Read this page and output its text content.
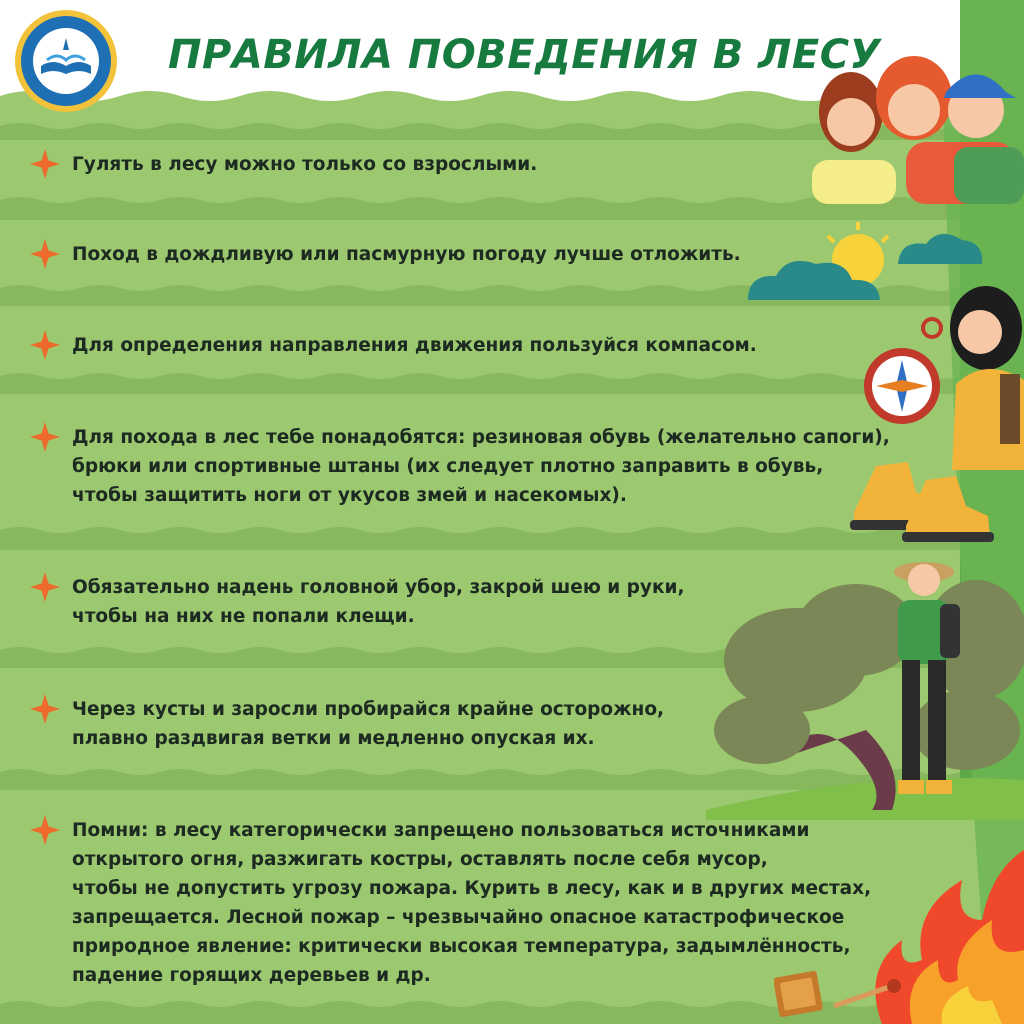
ПРАВИЛА ПОВЕДЕНИЯ В ЛЕСУ
Гулять в лесу можно только со взрослыми.
Поход в дождливую или пасмурную погоду лучше отложить.
Для определения направления движения пользуйся компасом.
Для похода в лес тебе понадобятся: резиновая обувь (желательно сапоги),
брюки или спортивные штаны (их следует плотно заправить в обувь,
чтобы защитить ноги от укусов змей и насекомых).
Обязательно надень головной убор, закрой шею и руки,
чтобы на них не попали клещи.
Через кусты и заросли пробирайся крайне осторожно,
плавно раздвигая ветки и медленно опуская их.
Помни: в лесу категорически запрещено пользоваться источниками
открытого огня, разжигать костры, оставлять после себя мусор,
чтобы не допустить угрозу пожара. Курить в лесу, как и в других местах,
запрещается. Лесной пожар – чрезвычайно опасное катастрофическое
природное явление: критически высокая температура, задымлённость,
падение горящих деревьев и др.
